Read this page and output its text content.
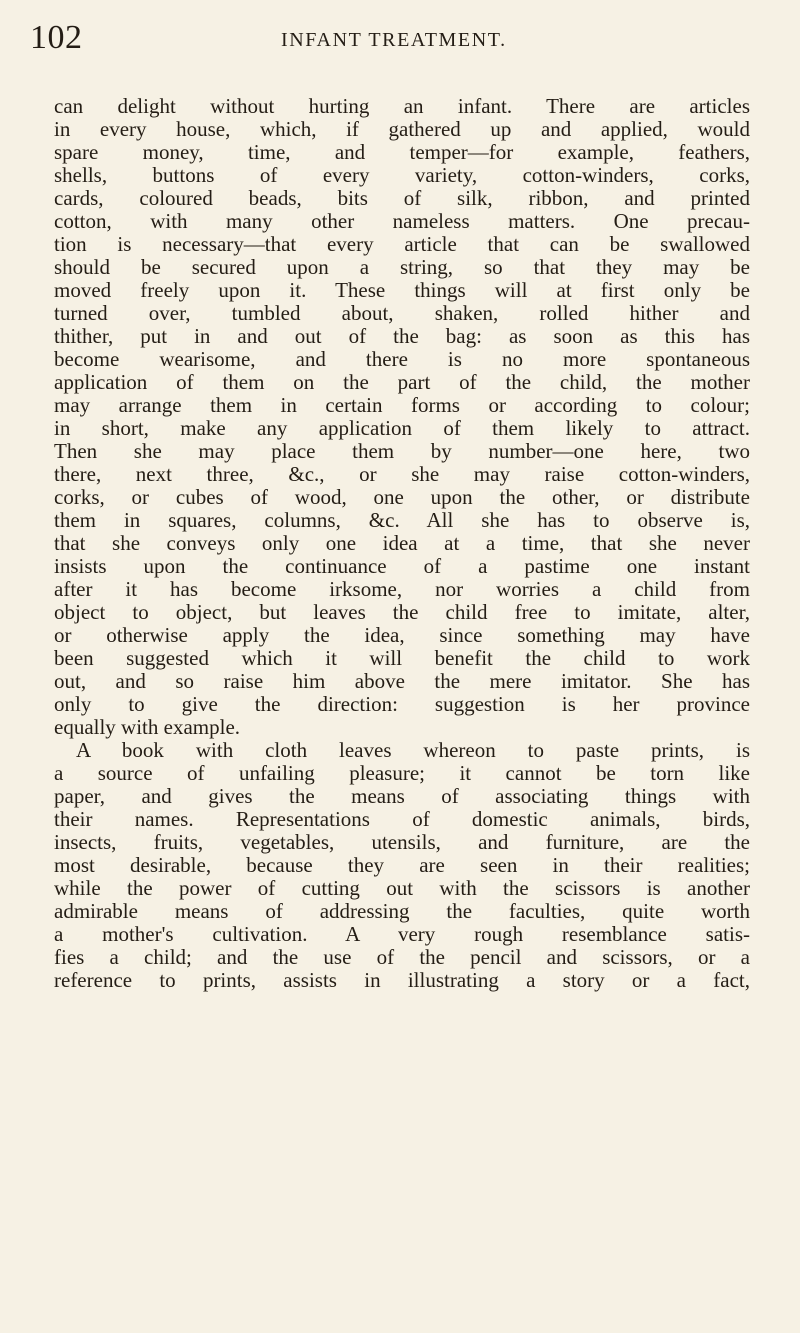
102	INFANT TREATMENT.
can delight without hurting an infant. There are articles
in every house, which, if gathered up and applied, would
spare money, time, and temper—for example, feathers,
shells, buttons of every variety, cotton-winders, corks,
cards, coloured beads, bits of silk, ribbon, and printed
cotton, with many other nameless matters. One precau-
tion is necessary—that every article that can be swallowed
should be secured upon a string, so that they may be
moved freely upon it. These things will at first only be
turned over, tumbled about, shaken, rolled hither and
thither, put in and out of the bag: as soon as this has
become wearisome, and there is no more spontaneous
application of them on the part of the child, the mother
may arrange them in certain forms or according to colour;
in short, make any application of them likely to attract.
Then she may place them by number—one here, two
there, next three, &c., or she may raise cotton-winders,
corks, or cubes of wood, one upon the other, or distribute
them in squares, columns, &c. All she has to observe is,
that she conveys only one idea at a time, that she never
insists upon the continuance of a pastime one instant
after it has become irksome, nor worries a child from
object to object, but leaves the child free to imitate, alter,
or otherwise apply the idea, since something may have
been suggested which it will benefit the child to work
out, and so raise him above the mere imitator. She has
only to give the direction: suggestion is her province
equally with example.
A book with cloth leaves whereon to paste prints, is
a source of unfailing pleasure; it cannot be torn like
paper, and gives the means of associating things with
their names. Representations of domestic animals, birds,
insects, fruits, vegetables, utensils, and furniture, are the
most desirable, because they are seen in their realities;
while the power of cutting out with the scissors is another
admirable means of addressing the faculties, quite worth
a mother's cultivation. A very rough resemblance satis-
fies a child; and the use of the pencil and scissors, or a
reference to prints, assists in illustrating a story or a fact,
